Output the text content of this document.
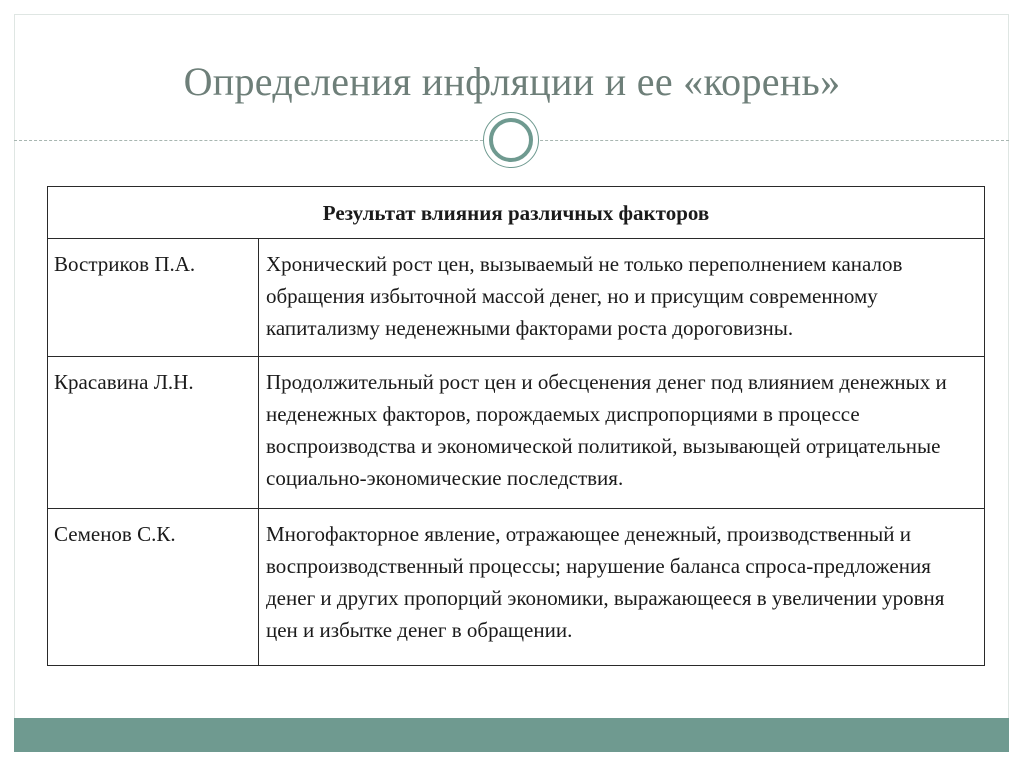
Определения инфляции и ее «корень»
Результат влияния различных факторов
Востриков П.А.	Хронический рост цен, вызываемый не только переполнением каналов обращения избыточной массой денег, но и присущим современному капитализму неденежными факторами роста дороговизны.
Красавина Л.Н.	Продолжительный рост цен и обесценения денег под влиянием денежных и неденежных факторов, порождаемых диспропорциями в процессе воспроизводства и экономической политикой, вызывающей отрицательные социально-экономические последствия.
Семенов С.К.	Многофакторное явление, отражающее денежный, производственный и воспроизводственный процессы; нарушение баланса спроса-предложения денег и других пропорций экономики, выражающееся в увеличении уровня цен и избытке денег в обращении.
